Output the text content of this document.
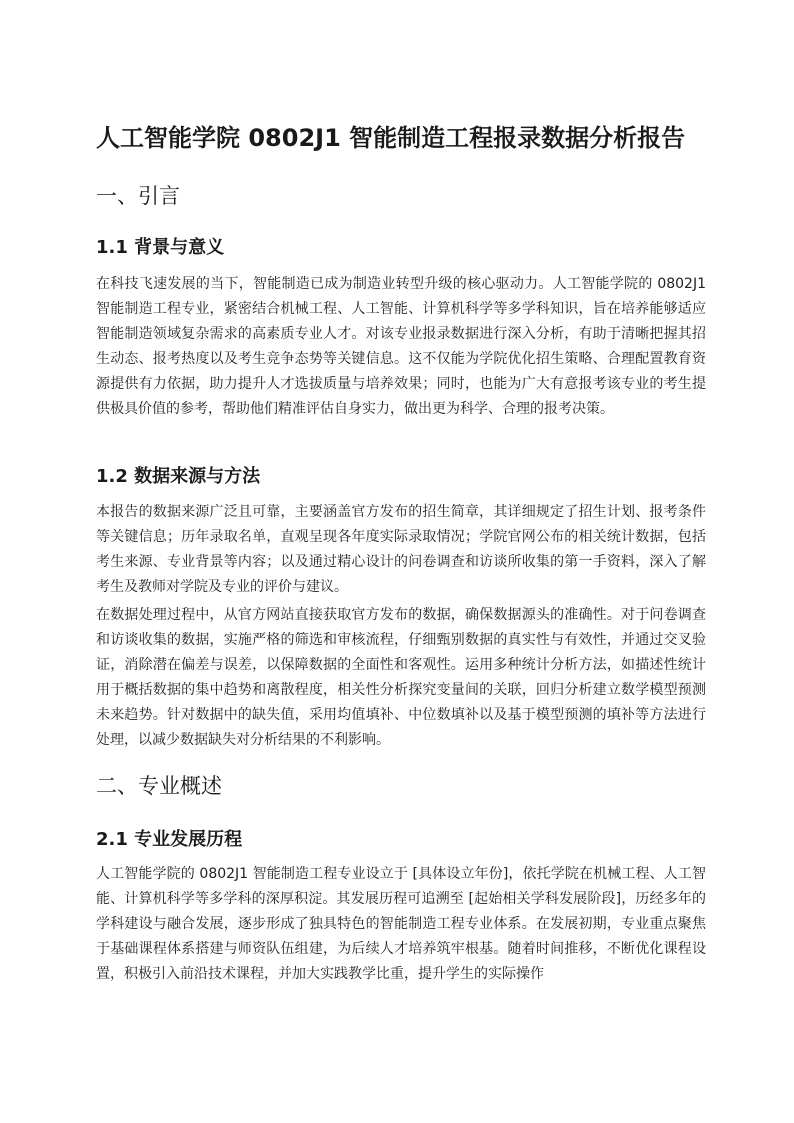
人工智能学院 0802J1 智能制造工程报录数据分析报告
一、引言
1.1 背景与意义

在科技飞速发展的当下，智能制造已成为制造业转型升级的核心驱动力。人工智能学院的 0802J1 智能制造工程专业，紧密结合机械工程、人工智能、计算机科学等多学科知识，旨在培养能够适应智能制造领域复杂需求的高素质专业人才。对该专业报录数据进行深入分析，有助于清晰把握其招生动态、报考热度以及考生竞争态势等关键信息。这不仅能为学院优化招生策略、合理配置教育资源提供有力依据，助力提升人才选拔质量与培养效果；同时，也能为广大有意报考该专业的考生提供极具价值的参考，帮助他们精准评估自身实力，做出更为科学、合理的报考决策。

1.2 数据来源与方法

本报告的数据来源广泛且可靠，主要涵盖官方发布的招生简章，其详细规定了招生计划、报考条件等关键信息；历年录取名单，直观呈现各年度实际录取情况；学院官网公布的相关统计数据，包括考生来源、专业背景等内容；以及通过精心设计的问卷调查和访谈所收集的第一手资料，深入了解考生及教师对学院及专业的评价与建议。

在数据处理过程中，从官方网站直接获取官方发布的数据，确保数据源头的准确性。对于问卷调查和访谈收集的数据，实施严格的筛选和审核流程，仔细甄别数据的真实性与有效性，并通过交叉验证，消除潜在偏差与误差，以保障数据的全面性和客观性。运用多种统计分析方法，如描述性统计用于概括数据的集中趋势和离散程度，相关性分析探究变量间的关联，回归分析建立数学模型预测未来趋势。针对数据中的缺失值，采用均值填补、中位数填补以及基于模型预测的填补等方法进行处理，以减少数据缺失对分析结果的不利影响。

二、专业概述
2.1 专业发展历程

人工智能学院的 0802J1 智能制造工程专业设立于 [具体设立年份]，依托学院在机械工程、人工智能、计算机科学等多学科的深厚积淀。其发展历程可追溯至 [起始相关学科发展阶段]，历经多年的学科建设与融合发展，逐步形成了独具特色的智能制造工程专业体系。在发展初期，专业重点聚焦于基础课程体系搭建与师资队伍组建，为后续人才培养筑牢根基。随着时间推移，不断优化课程设置，积极引入前沿技术课程，并加大实践教学比重，提升学生的实际操作
